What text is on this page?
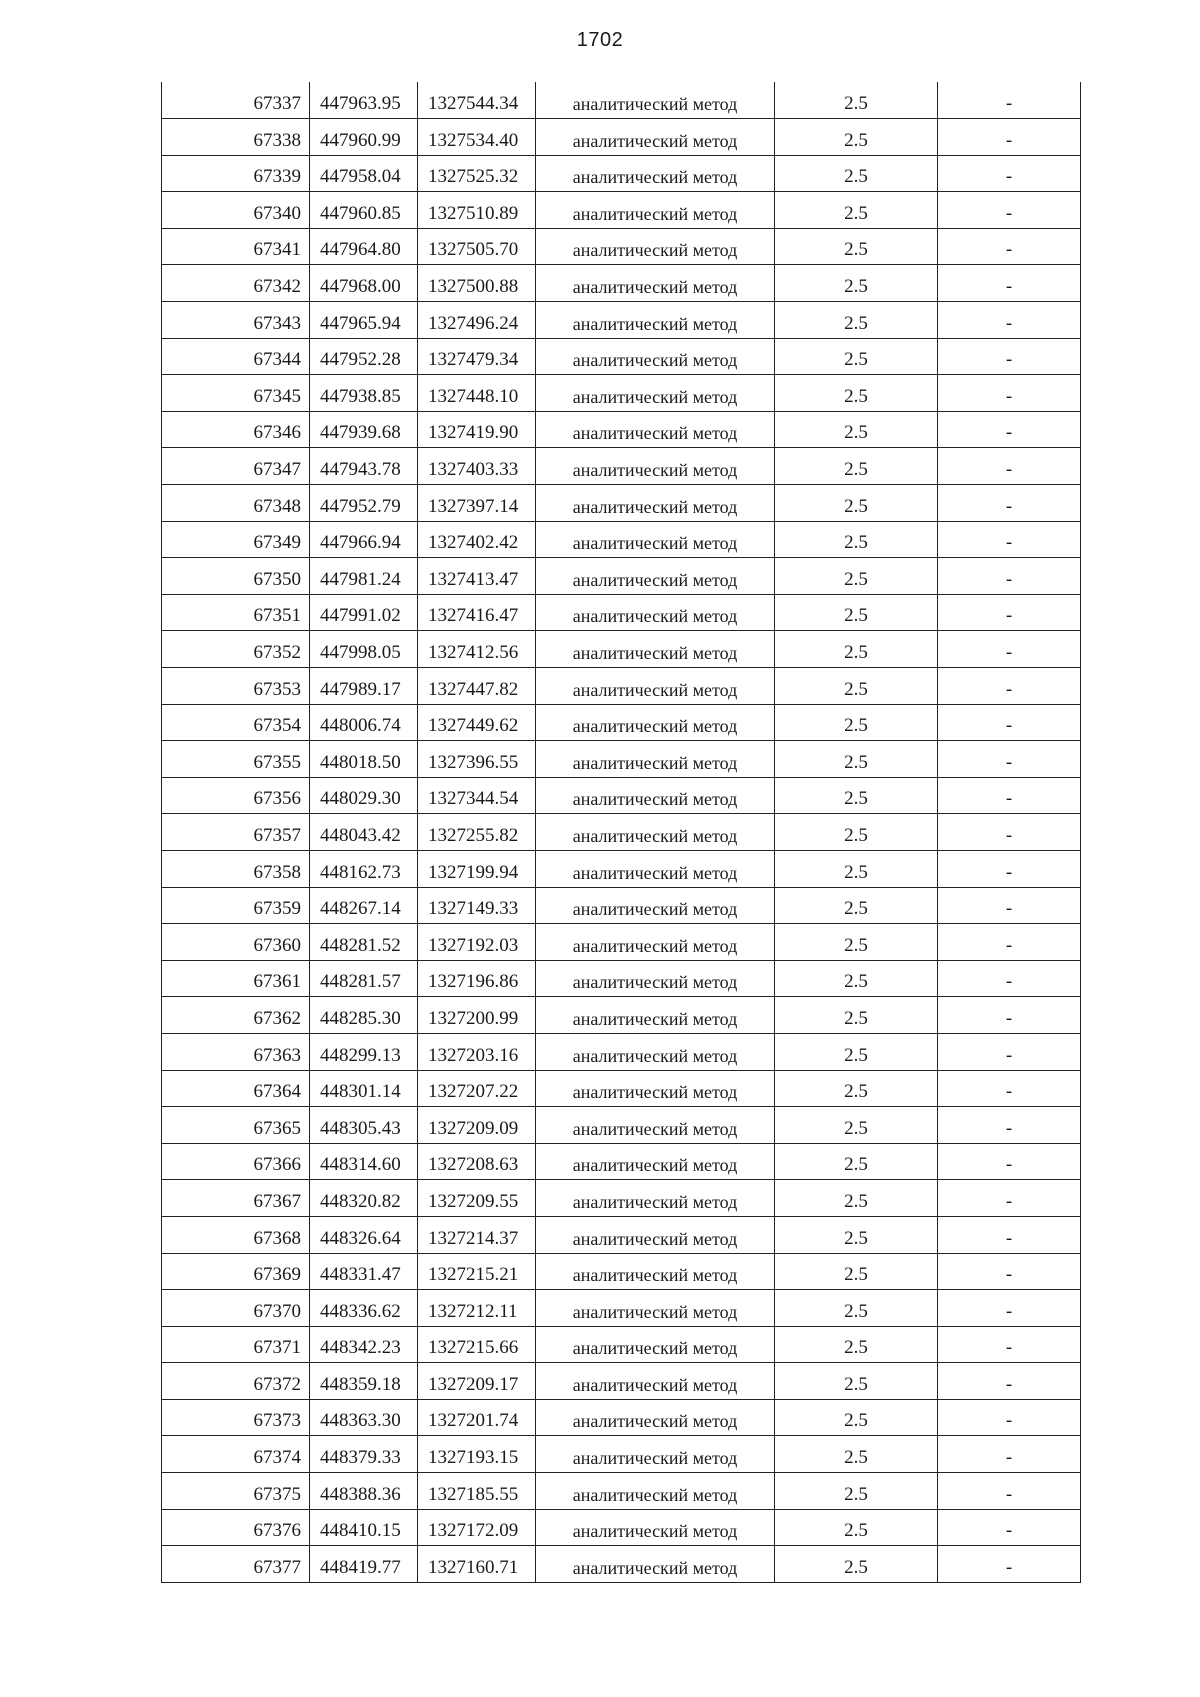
1702
67337	447963.95	1327544.34	аналитический метод	2.5	-
67338	447960.99	1327534.40	аналитический метод	2.5	-
67339	447958.04	1327525.32	аналитический метод	2.5	-
67340	447960.85	1327510.89	аналитический метод	2.5	-
67341	447964.80	1327505.70	аналитический метод	2.5	-
67342	447968.00	1327500.88	аналитический метод	2.5	-
67343	447965.94	1327496.24	аналитический метод	2.5	-
67344	447952.28	1327479.34	аналитический метод	2.5	-
67345	447938.85	1327448.10	аналитический метод	2.5	-
67346	447939.68	1327419.90	аналитический метод	2.5	-
67347	447943.78	1327403.33	аналитический метод	2.5	-
67348	447952.79	1327397.14	аналитический метод	2.5	-
67349	447966.94	1327402.42	аналитический метод	2.5	-
67350	447981.24	1327413.47	аналитический метод	2.5	-
67351	447991.02	1327416.47	аналитический метод	2.5	-
67352	447998.05	1327412.56	аналитический метод	2.5	-
67353	447989.17	1327447.82	аналитический метод	2.5	-
67354	448006.74	1327449.62	аналитический метод	2.5	-
67355	448018.50	1327396.55	аналитический метод	2.5	-
67356	448029.30	1327344.54	аналитический метод	2.5	-
67357	448043.42	1327255.82	аналитический метод	2.5	-
67358	448162.73	1327199.94	аналитический метод	2.5	-
67359	448267.14	1327149.33	аналитический метод	2.5	-
67360	448281.52	1327192.03	аналитический метод	2.5	-
67361	448281.57	1327196.86	аналитический метод	2.5	-
67362	448285.30	1327200.99	аналитический метод	2.5	-
67363	448299.13	1327203.16	аналитический метод	2.5	-
67364	448301.14	1327207.22	аналитический метод	2.5	-
67365	448305.43	1327209.09	аналитический метод	2.5	-
67366	448314.60	1327208.63	аналитический метод	2.5	-
67367	448320.82	1327209.55	аналитический метод	2.5	-
67368	448326.64	1327214.37	аналитический метод	2.5	-
67369	448331.47	1327215.21	аналитический метод	2.5	-
67370	448336.62	1327212.11	аналитический метод	2.5	-
67371	448342.23	1327215.66	аналитический метод	2.5	-
67372	448359.18	1327209.17	аналитический метод	2.5	-
67373	448363.30	1327201.74	аналитический метод	2.5	-
67374	448379.33	1327193.15	аналитический метод	2.5	-
67375	448388.36	1327185.55	аналитический метод	2.5	-
67376	448410.15	1327172.09	аналитический метод	2.5	-
67377	448419.77	1327160.71	аналитический метод	2.5	-
